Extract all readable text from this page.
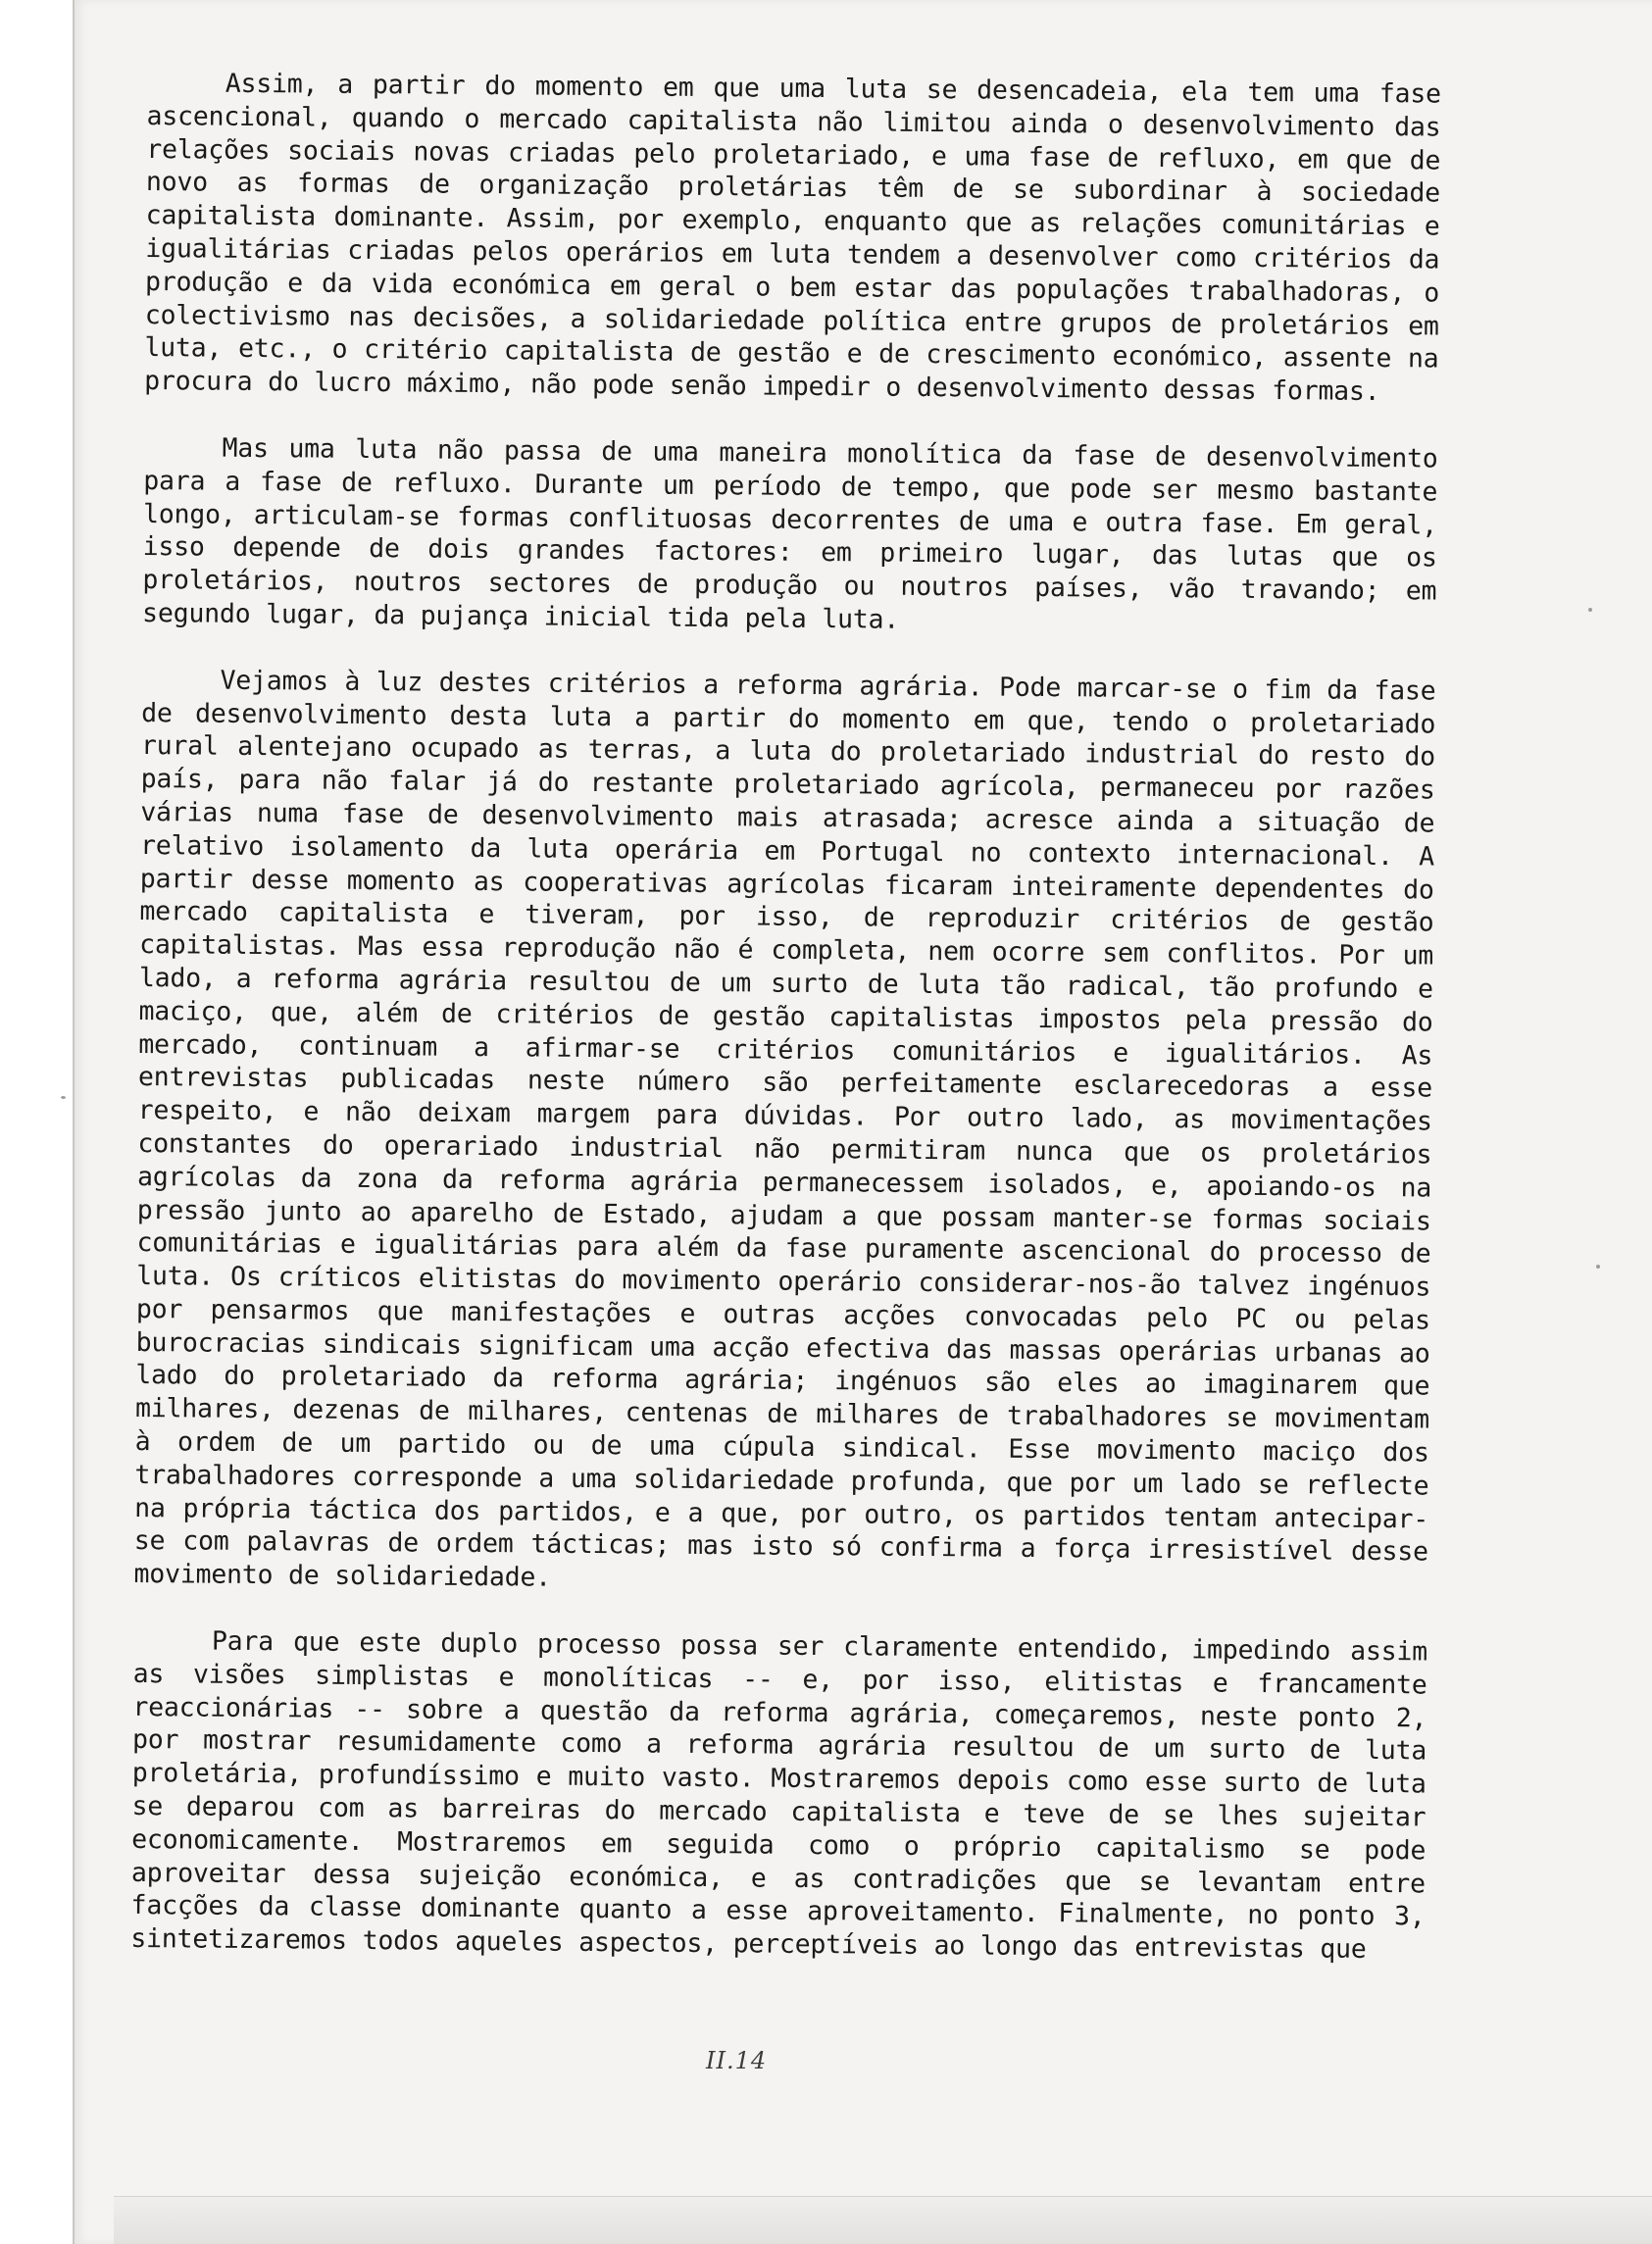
Assim, a partir do momento em que uma luta se desencadeia, ela tem uma fase ascencional, quando o mercado capitalista não limitou ainda o desenvolvimento das relações sociais novas criadas pelo proletariado, e uma fase de refluxo, em que de novo as formas de organização proletárias têm de se subordinar à sociedade capitalista dominante. Assim, por exemplo, enquanto que as relações comunitárias e igualitárias criadas pelos operários em luta tendem a desenvolver como critérios da produção e da vida económica em geral o bem estar das populações trabalhadoras, o colectivismo nas decisões, a solidariedade política entre grupos de proletários em luta, etc., o critério capitalista de gestão e de crescimento económico, assente na procura do lucro máximo, não pode senão impedir o desenvolvimento dessas formas.

Mas uma luta não passa de uma maneira monolítica da fase de desenvolvimento para a fase de refluxo. Durante um período de tempo, que pode ser mesmo bastante longo, articulam-se formas conflituosas decorrentes de uma e outra fase. Em geral, isso depende de dois grandes factores: em primeiro lugar, das lutas que os proletários, noutros sectores de produção ou noutros países, vão travando; em segundo lugar, da pujança inicial tida pela luta.

Vejamos à luz destes critérios a reforma agrária. Pode marcar-se o fim da fase de desenvolvimento desta luta a partir do momento em que, tendo o proletariado rural alentejano ocupado as terras, a luta do proletariado industrial do resto do país, para não falar já do restante proletariado agrícola, permaneceu por razões várias numa fase de desenvolvimento mais atrasada; acresce ainda a situação de relativo isolamento da luta operária em Portugal no contexto internacional. A partir desse momento as cooperativas agrícolas ficaram inteiramente dependentes do mercado capitalista e tiveram, por isso, de reproduzir critérios de gestão capitalistas. Mas essa reprodução não é completa, nem ocorre sem conflitos. Por um lado, a reforma agrária resultou de um surto de luta tão radical, tão profundo e maciço, que, além de critérios de gestão capitalistas impostos pela pressão do mercado, continuam a afirmar-se critérios comunitários e igualitários. As entrevistas publicadas neste número são perfeitamente esclarecedoras a esse respeito, e não deixam margem para dúvidas. Por outro lado, as movimentações constantes do operariado industrial não permitiram nunca que os proletários agrícolas da zona da reforma agrária permanecessem isolados, e, apoiando-os na pressão junto ao aparelho de Estado, ajudam a que possam manter-se formas sociais comunitárias e igualitárias para além da fase puramente ascencional do processo de luta. Os críticos elitistas do movimento operário considerar-nos-ão talvez ingénuos por pensarmos que manifestações e outras acções convocadas pelo PC ou pelas burocracias sindicais significam uma acção efectiva das massas operárias urbanas ao lado do proletariado da reforma agrária; ingénuos são eles ao imaginarem que milhares, dezenas de milhares, centenas de milhares de trabalhadores se movimentam à ordem de um partido ou de uma cúpula sindical. Esse movimento maciço dos trabalhadores corresponde a uma solidariedade profunda, que por um lado se reflecte na própria táctica dos partidos, e a que, por outro, os partidos tentam antecipar-se com palavras de ordem tácticas; mas isto só confirma a força irresistível desse movimento de solidariedade.

Para que este duplo processo possa ser claramente entendido, impedindo assim as visões simplistas e monolíticas -- e, por isso, elitistas e francamente reaccionárias -- sobre a questão da reforma agrária, começaremos, neste ponto 2, por mostrar resumidamente como a reforma agrária resultou de um surto de luta proletária, profundíssimo e muito vasto. Mostraremos depois como esse surto de luta se deparou com as barreiras do mercado capitalista e teve de se lhes sujeitar economicamente. Mostraremos em seguida como o próprio capitalismo se pode aproveitar dessa sujeição económica, e as contradições que se levantam entre facções da classe dominante quanto a esse aproveitamento. Finalmente, no ponto 3, sintetizaremos todos aqueles aspectos, perceptíveis ao longo das entrevistas que

II.14
